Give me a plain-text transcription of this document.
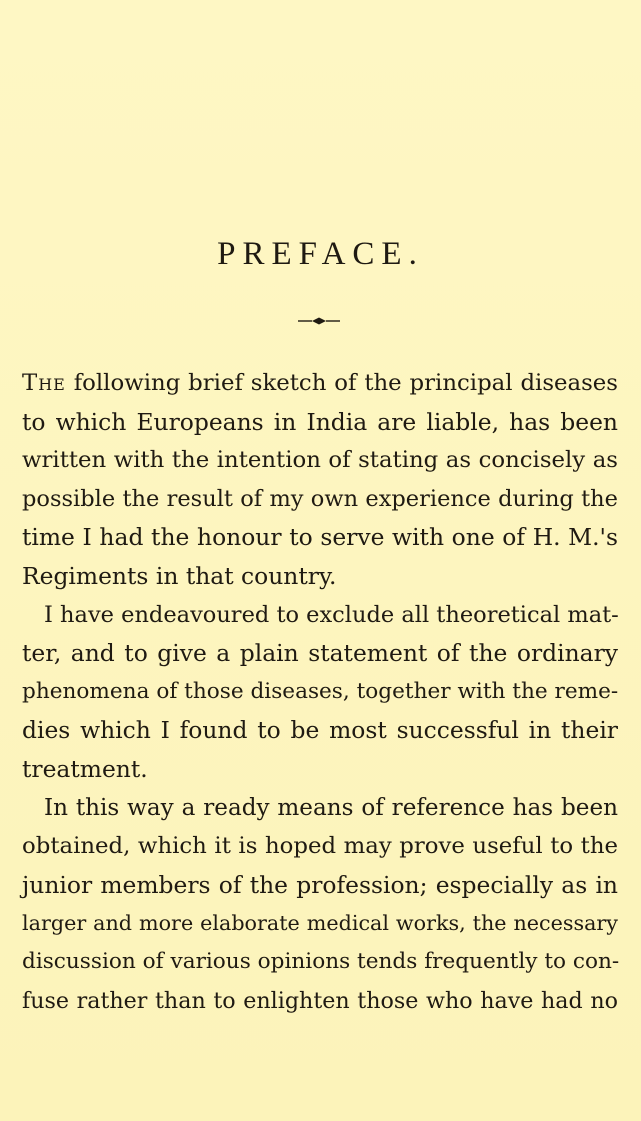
PREFACE.
The following brief sketch of the principal diseases
to which Europeans in India are liable, has been
written with the intention of stating as concisely as
possible the result of my own experience during the
time I had the honour to serve with one of H. M.'s
Regiments in that country.
I have endeavoured to exclude all theoretical mat-
ter, and to give a plain statement of the ordinary
phenomena of those diseases, together with the reme-
dies which I found to be most successful in their
treatment.
In this way a ready means of reference has been
obtained, which it is hoped may prove useful to the
junior members of the profession; especially as in
larger and more elaborate medical works, the necessary
discussion of various opinions tends frequently to con-
fuse rather than to enlighten those who have had no
